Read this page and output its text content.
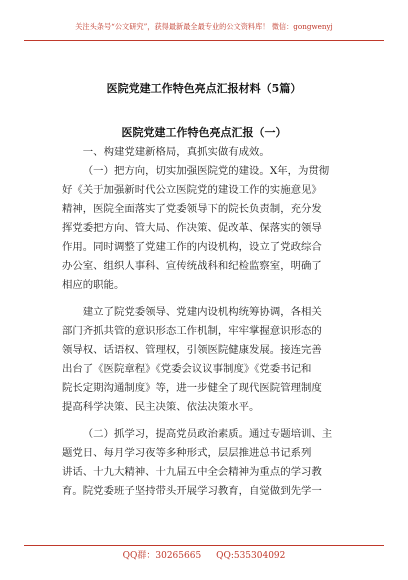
关注头条号“公文研究”，获得最新最全最专业的公文资料库！ 微信：gongwenyj
医院党建工作特色亮点汇报材料（5篇）
医院党建工作特色亮点汇报（一）

一、构建党建新格局，真抓实做有成效。

（一）把方向，切实加强医院党的建设。X年，为贯彻

好《关于加强新时代公立医院党的建设工作的实施意见》
精神，医院全面落实了党委领导下的院长负责制，充分发
挥党委把方向、管大局、作决策、促改革、保落实的领导
作用。同时调整了党建工作的内设机构，设立了党政综合
办公室、组织人事科、宣传统战科和纪检监察室，明确了
相应的职能。

建立了院党委领导、党建内设机构统筹协调，各相关

部门齐抓共管的意识形态工作机制，牢牢掌握意识形态的
领导权、话语权、管理权，引领医院健康发展。接连完善
出台了《医院章程》《党委会议议事制度》《党委书记和
院长定期沟通制度》等，进一步健全了现代医院管理制度
提高科学决策、民主决策、依法决策水平。

（二）抓学习，提高党员政治素质。通过专题培训、主

题党日、每月学习夜等多种形式，层层推进总书记系列
讲话、十九大精神、十九届五中全会精神为重点的学习教
育。院党委班子坚持带头开展学习教育，自觉做到先学一

QQ群：30265665 QQ:535304092
